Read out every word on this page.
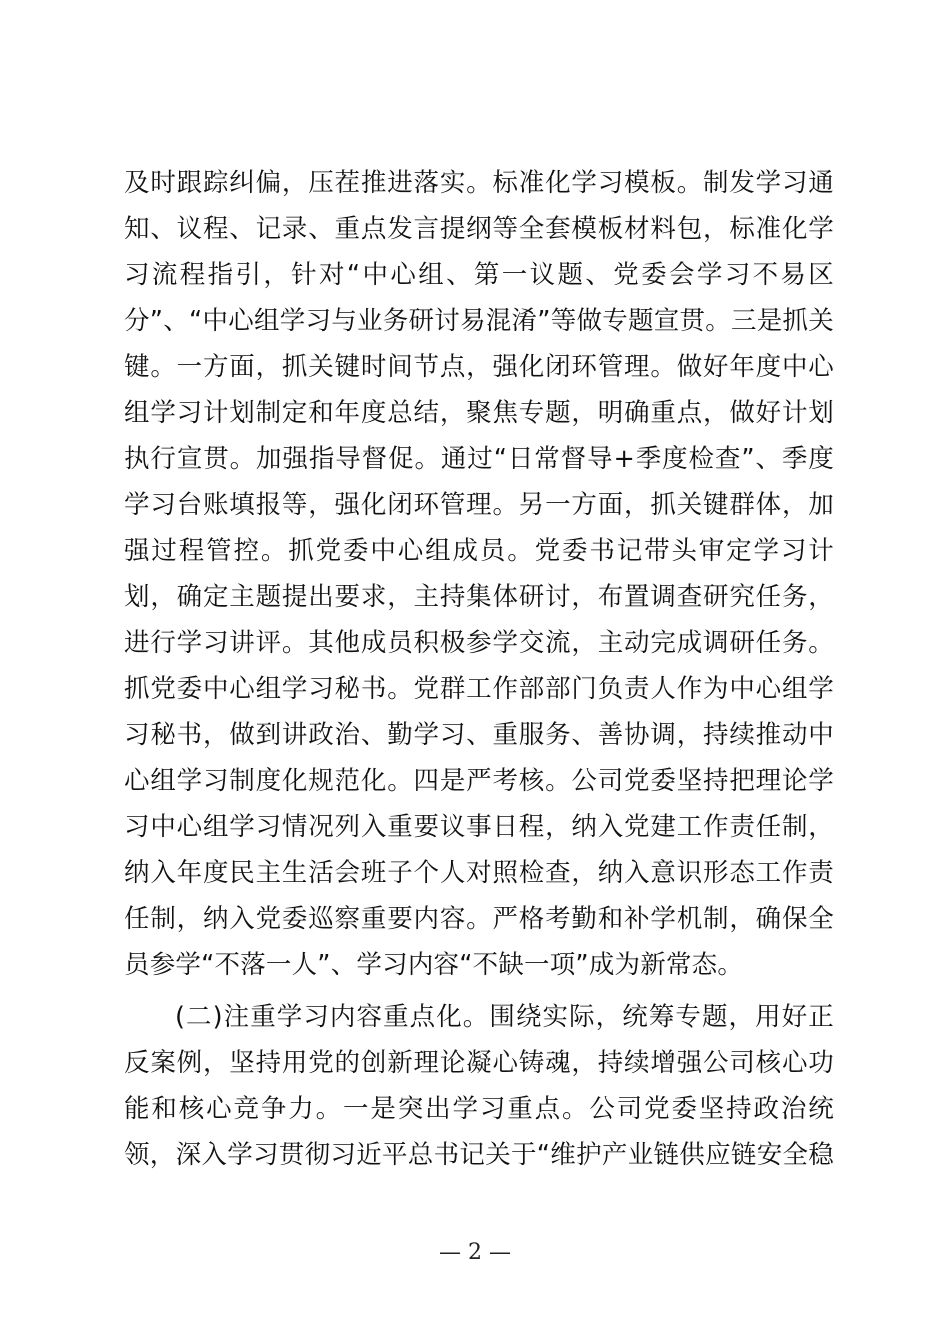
及时跟踪纠偏，压茬推进落实。标准化学习模板。制发学习通
知、议程、记录、重点发言提纲等全套模板材料包，标准化学
习流程指引，针对“中心组、第一议题、党委会学习不易区
分”、“中心组学习与业务研讨易混淆”等做专题宣贯。三是抓关
键。一方面，抓关键时间节点，强化闭环管理。做好年度中心
组学习计划制定和年度总结，聚焦专题，明确重点，做好计划
执行宣贯。加强指导督促。通过“日常督导+季度检查”、季度
学习台账填报等，强化闭环管理。另一方面，抓关键群体，加
强过程管控。抓党委中心组成员。党委书记带头审定学习计
划，确定主题提出要求，主持集体研讨，布置调查研究任务，
进行学习讲评。其他成员积极参学交流，主动完成调研任务。
抓党委中心组学习秘书。党群工作部部门负责人作为中心组学
习秘书，做到讲政治、勤学习、重服务、善协调，持续推动中
心组学习制度化规范化。四是严考核。公司党委坚持把理论学
习中心组学习情况列入重要议事日程，纳入党建工作责任制，
纳入年度民主生活会班子个人对照检查，纳入意识形态工作责
任制，纳入党委巡察重要内容。严格考勤和补学机制，确保全
员参学“不落一人”、学习内容“不缺一项”成为新常态。
(二)注重学习内容重点化。围绕实际，统筹专题，用好正
反案例，坚持用党的创新理论凝心铸魂，持续增强公司核心功
能和核心竞争力。一是突出学习重点。公司党委坚持政治统
领，深入学习贯彻习近平总书记关于“维护产业链供应链安全稳
— 2 —
